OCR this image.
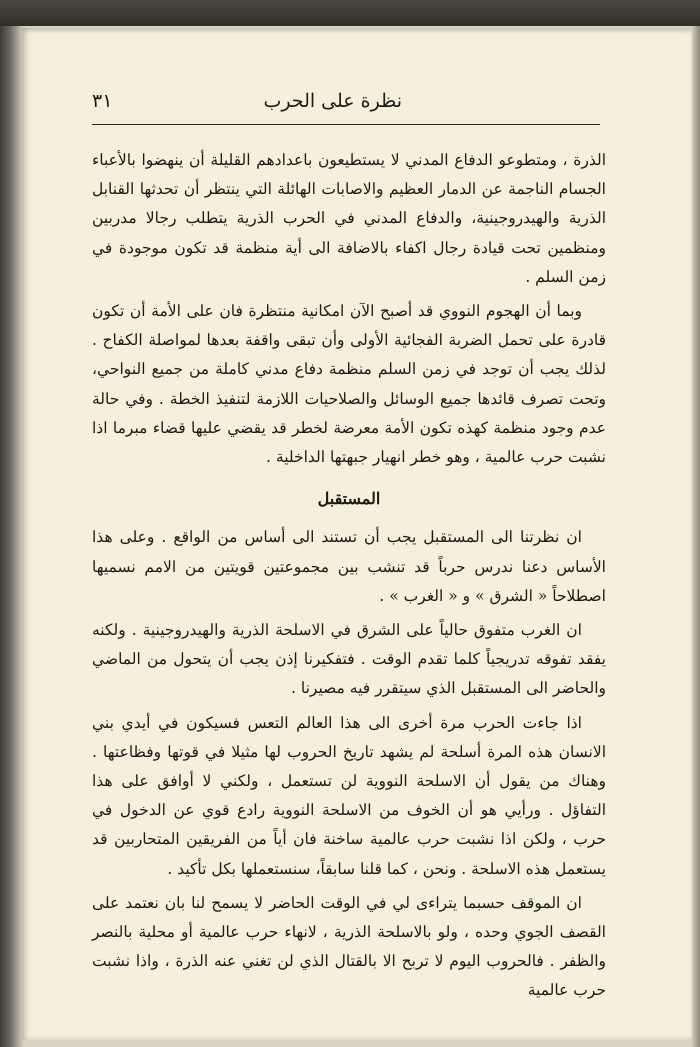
نظرة على الحرب
٣١

الذرة ، ومتطوعو الدفاع المدني لا يستطيعون باعدادهم القليلة أن ينهضوا بالأعباء الجسام الناجمة عن الدمار العظيم والاصابات الهائلة التي ينتظر أن تحدثها القنابل الذرية والهيدروجينية، والدفاع المدني في الحرب الذرية يتطلب رجالا مدربين ومنظمين تحت قيادة رجال اكفاء بالاضافة الى أية منظمة قد تكون موجودة في زمن السلم .

وبما أن الهجوم النووي قد أصبح الآن امكانية منتظرة فان على الأمة أن تكون قادرة على تحمل الضربة الفجائية الأولى وأن تبقى واقفة بعدها لمواصلة الكفاح . لذلك يجب أن توجد في زمن السلم منظمة دفاع مدني كاملة من جميع النواحي، وتحت تصرف قائدها جميع الوسائل والصلاحيات اللازمة لتنفيذ الخطة . وفي حالة عدم وجود منظمة كهذه تكون الأمة معرضة لخطر قد يقضي عليها قضاء مبرما اذا نشبت حرب عالمية ، وهو خطر انهيار جبهتها الداخلية .

المستقبل

ان نظرتنا الى المستقبل يجب أن تستند الى أساس من الواقع . وعلى هذا الأساس دعنا ندرس حرباً قد تنشب بين مجموعتين قويتين من الامم نسميها اصطلاحاً « الشرق » و « الغرب » .

ان الغرب متفوق حالياً على الشرق في الاسلحة الذرية والهيدروجينية . ولكنه يفقد تفوقه تدريجياً كلما تقدم الوقت . فتفكيرنا إذن يجب أن يتحول من الماضي والحاضر الى المستقبل الذي سيتقرر فيه مصيرنا .

اذا جاءت الحرب مرة أخرى الى هذا العالم التعس فسيكون في أيدي بني الانسان هذه المرة أسلحة لم يشهد تاريخ الحروب لها مثيلا في قوتها وفظاعتها . وهناك من يقول أن الاسلحة النووية لن تستعمل ، ولكني لا أوافق على هذا التفاؤل . ورأيي هو أن الخوف من الاسلحة النووية رادع قوي عن الدخول في حرب ، ولكن اذا نشبت حرب عالمية ساخنة فان أياً من الفريقين المتحاربين قد يستعمل هذه الاسلحة . ونحن ، كما قلنا سابقاً، سنستعملها بكل تأكيد .

ان الموقف حسبما يتراءى لي في الوقت الحاضر لا يسمح لنا بان نعتمد على القصف الجوي وحده ، ولو بالاسلحة الذرية ، لانهاء حرب عالمية أو محلية بالنصر والظفر . فالحروب اليوم لا تربح الا بالقتال الذي لن تغني عنه الذرة ، واذا نشبت حرب عالمية
